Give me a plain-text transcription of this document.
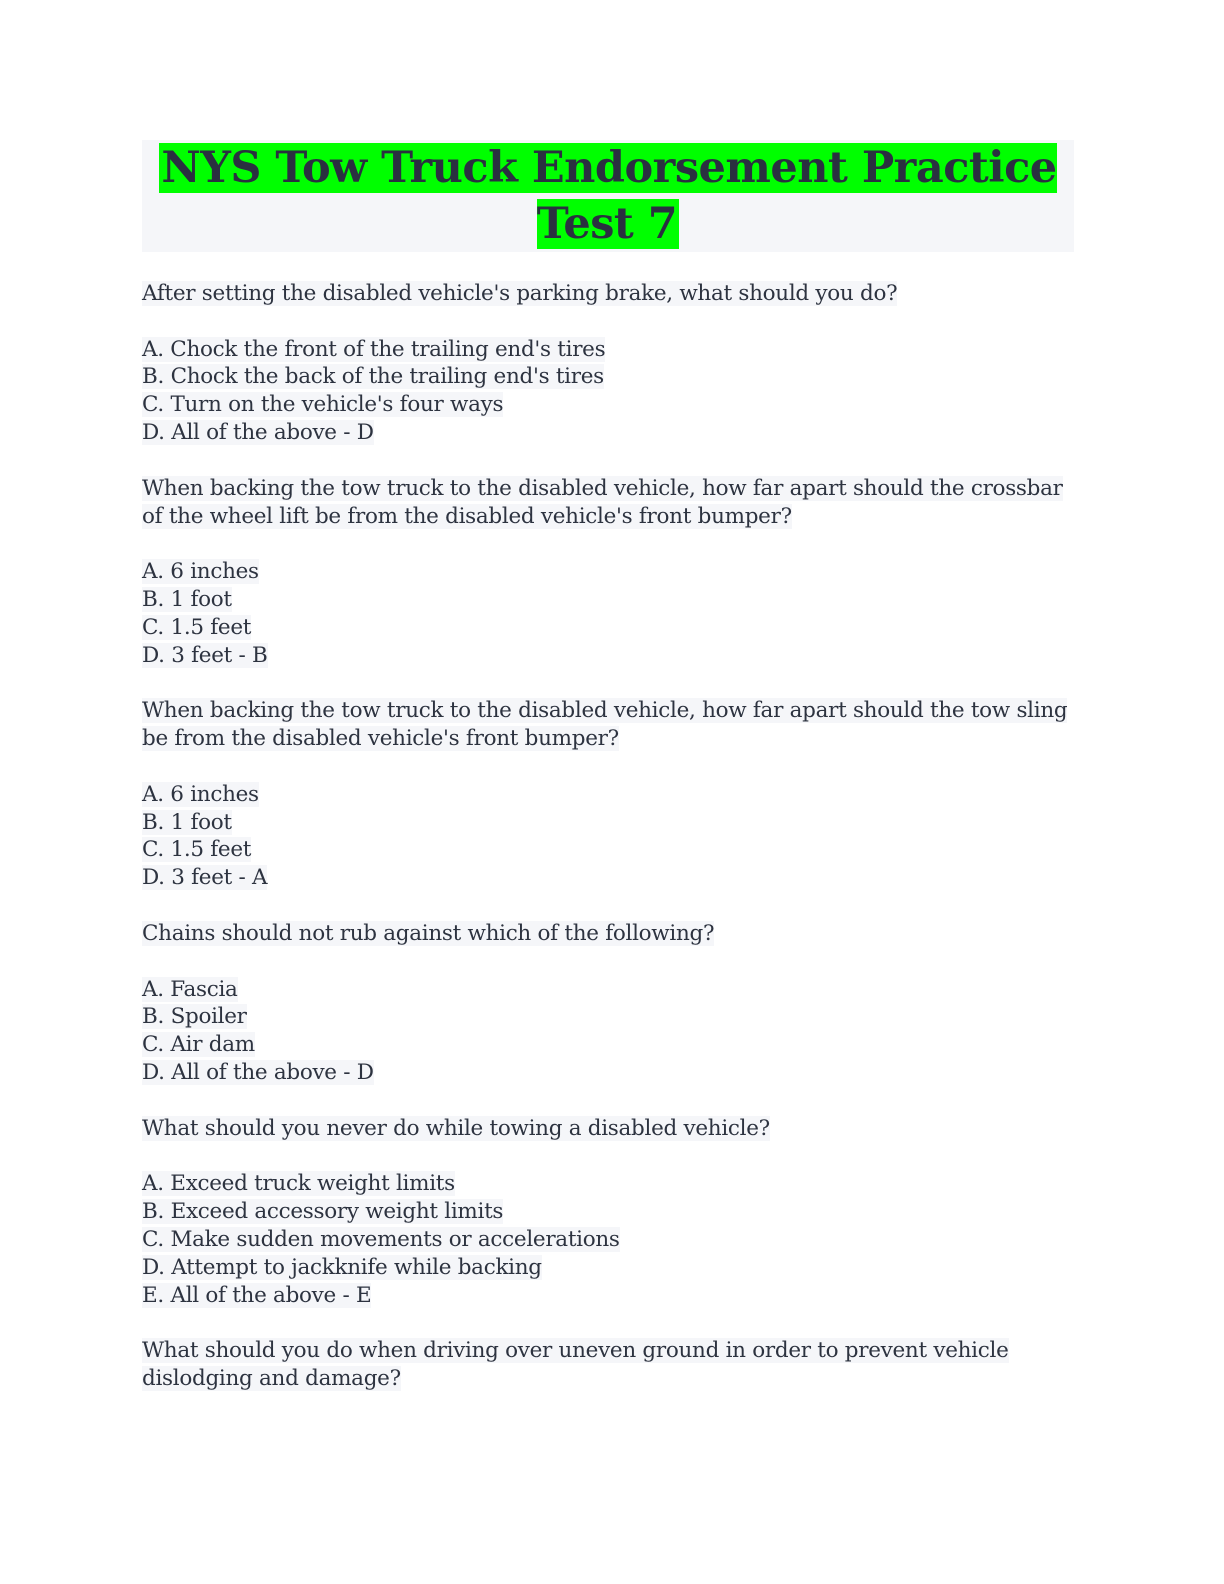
NYS Tow Truck Endorsement Practice Test 7
After setting the disabled vehicle's parking brake, what should you do?
A. Chock the front of the trailing end's tires
B. Chock the back of the trailing end's tires
C. Turn on the vehicle's four ways
D. All of the above - D
When backing the tow truck to the disabled vehicle, how far apart should the crossbar of the wheel lift be from the disabled vehicle's front bumper?
A. 6 inches
B. 1 foot
C. 1.5 feet
D. 3 feet - B
When backing the tow truck to the disabled vehicle, how far apart should the tow sling be from the disabled vehicle's front bumper?
A. 6 inches
B. 1 foot
C. 1.5 feet
D. 3 feet - A
Chains should not rub against which of the following?
A. Fascia
B. Spoiler
C. Air dam
D. All of the above - D
What should you never do while towing a disabled vehicle?
A. Exceed truck weight limits
B. Exceed accessory weight limits
C. Make sudden movements or accelerations
D. Attempt to jackknife while backing
E. All of the above - E
What should you do when driving over uneven ground in order to prevent vehicle dislodging and damage?
